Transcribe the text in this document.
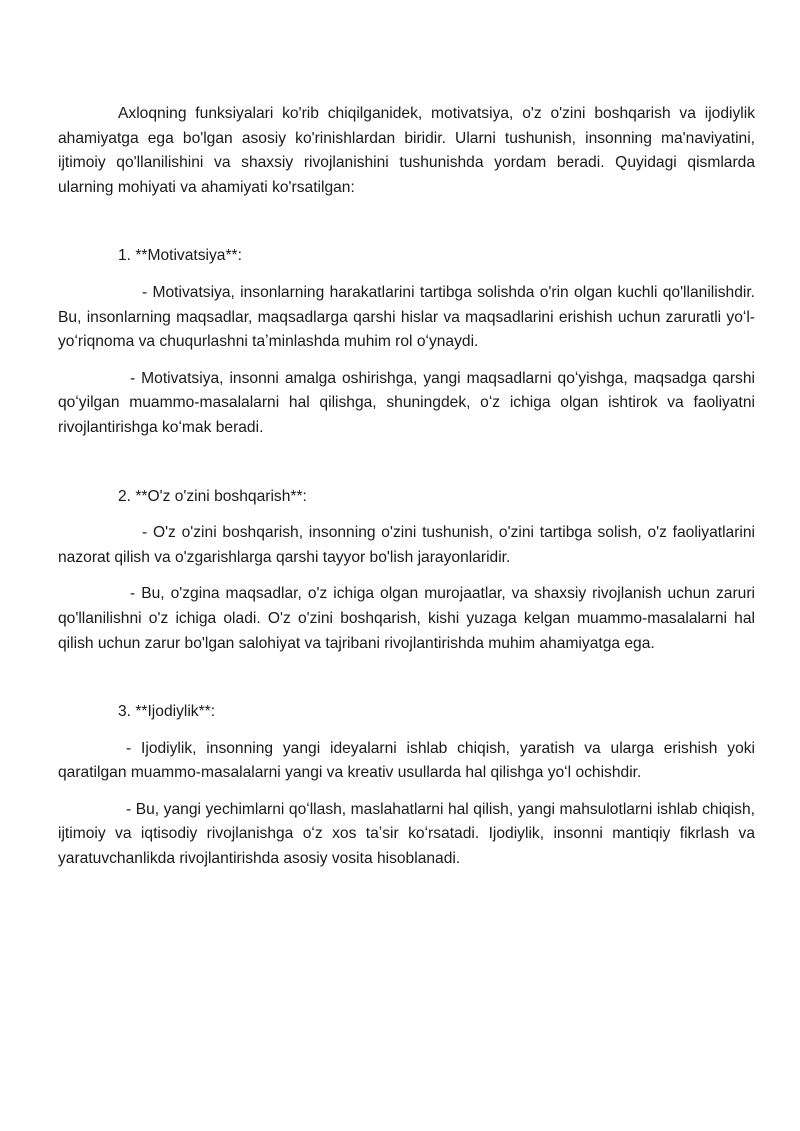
Axloqning funksiyalari ko'rib chiqilganidek, motivatsiya, o'z o'zini boshqarish va ijodiylik ahamiyatga ega bo'lgan asosiy ko'rinishlardan biridir. Ularni tushunish, insonning ma'naviyatini, ijtimoiy qo'llanilishini va shaxsiy rivojlanishini tushunishda yordam beradi. Quyidagi qismlarda ularning mohiyati va ahamiyati ko'rsatilgan:

1. **Motivatsiya**:

- Motivatsiya, insonlarning harakatlarini tartibga solishda o'rin olgan kuchli qo'llanilishdir. Bu, insonlarning maqsadlar, maqsadlarga qarshi hislar va maqsadlarini erishish uchun zaruratli yoʻl-yoʻriqnoma va chuqurlashni taʼminlashda muhim rol oʻynaydi.

- Motivatsiya, insonni amalga oshirishga, yangi maqsadlarni qoʻyishga, maqsadga qarshi qoʻyilgan muammo-masalalarni hal qilishga, shuningdek, oʻz ichiga olgan ishtirok va faoliyatni rivojlantirishga koʻmak beradi.

2. **O'z o'zini boshqarish**:

- O'z o'zini boshqarish, insonning o'zini tushunish, o'zini tartibga solish, o'z faoliyatlarini nazorat qilish va o'zgarishlarga qarshi tayyor bo'lish jarayonlaridir.

- Bu, o'zgina maqsadlar, o'z ichiga olgan murojaatlar, va shaxsiy rivojlanish uchun zaruri qo'llanilishni o'z ichiga oladi. O'z o'zini boshqarish, kishi yuzaga kelgan muammo-masalalarni hal qilish uchun zarur bo'lgan salohiyat va tajribani rivojlantirishda muhim ahamiyatga ega.

3. **Ijodiylik**:

- Ijodiylik, insonning yangi ideyalarni ishlab chiqish, yaratish va ularga erishish yoki qaratilgan muammo-masalalarni yangi va kreativ usullarda hal qilishga yoʻl ochishdir.

- Bu, yangi yechimlarni qoʻllash, maslahatlarni hal qilish, yangi mahsulotlarni ishlab chiqish, ijtimoiy va iqtisodiy rivojlanishga oʻz xos taʼsir koʻrsatadi. Ijodiylik, insonni mantiqiy fikrlash va yaratuvchanlikda rivojlantirishda asosiy vosita hisoblanadi.
